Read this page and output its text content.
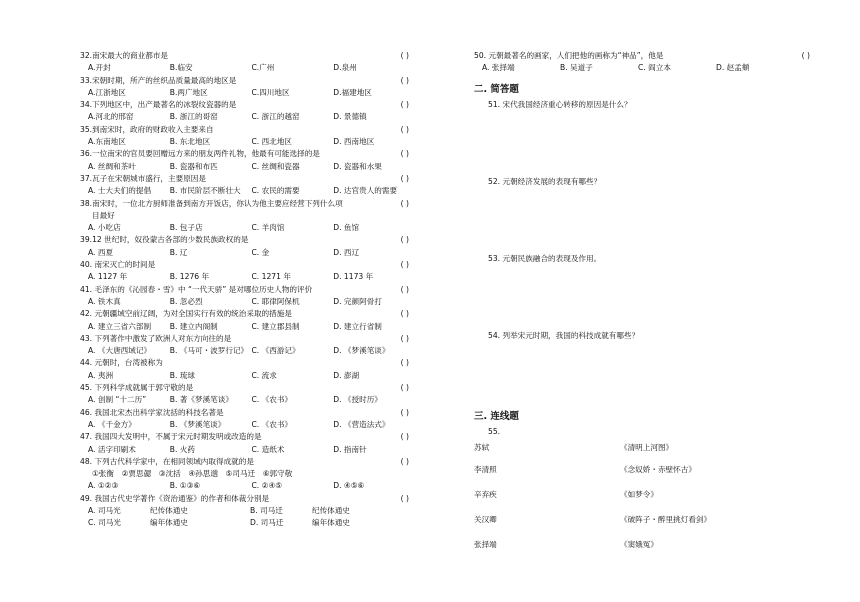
32.南宋最大的商业都市是	( )
A.开封	B.临安	C.广州	D.泉州
33.宋朝时期，所产的丝织品质量最高的地区是	( )
A.江浙地区	B.两广地区	C.四川地区	D.福建地区
34.下列地区中，出产最著名的冰裂纹瓷器的是	( )
A.河北的邢窑	B. 浙江的哥窑	C. 浙江的越窑	D. 景德镇
35.到南宋时，政府的财政收入主要来自	( )
A.东南地区	B. 东北地区	C. 西北地区	D. 西南地区
36.一位南宋的官员要回赠远方来的朋友两件礼物，他最有可能选择的是	( )
A. 丝绸和茶叶	B. 瓷器和布匹	C. 丝绸和瓷器	D. 瓷器和水果
37.瓦子在宋朝城市盛行，主要原因是	( )
A. 士大夫们的提倡	B. 市民阶层不断壮大	C. 农民的需要	D. 达官贵人的需要
38.南宋时，一位北方厨师准备到南方开饭店，你认为他主要应经营下列什么项	( )
目最好
A. 小吃店	B. 包子店	C. 羊肉馆	D. 鱼馆
39.12 世纪时，奴役蒙古各部的少数民族政权的是	( )
A. 西夏	B. 辽	C. 金	D. 西辽
40. 南宋灭亡的时间是	( )
A. 1127 年	B. 1276 年	C. 1271 年	D. 1173 年
41. 毛泽东的《沁园春・雪》中 “一代天骄” 是对哪位历史人物的评价	( )
A. 铁木真	B. 忽必烈	C. 耶律阿保机	D. 完颜阿骨打
42. 元朝疆域空前辽阔，为对全国实行有效的统治采取的措施是	( )
A. 建立三省六部制	B. 建立内阁制	C. 建立郡县制	D. 建立行省制
43. 下列著作中激发了欧洲人对东方向往的是	( )
A. 《大唐西域记》	B. 《马可・波罗行记》 C. 《西游记》	D. 《梦溪笔谈》
44. 元朝时，台湾被称为	( )
A. 夷洲	B. 琉球	C. 流求	D. 澎湖
45. 下列科学成就属于郭守敬的是	( )
A. 创制 “十二历”	B. 著《梦溪笔谈》	C. 《农书》	D. 《授时历》
46. 我国北宋杰出科学家沈括的科技名著是	( )
A. 《千金方》	B. 《梦溪笔谈》	C. 《农书》	D. 《营造法式》
47. 我国四大发明中，不属于宋元时期发明或改造的是	( )
A. 活字印刷术	B. 火药	C. 造纸术	D. 指南针
48. 下列古代科学家中，在相同领域内取得成就的是	( )
①张衡　②贾思勰　③沈括　④孙思邈　⑤司马迁　⑥郭守敬
A. ①②③	B. ①③⑥	C. ②④⑤	D. ④⑤⑥
49. 我国古代史学著作《资治通鉴》的作者和体裁分别是	( )
A. 司马光	纪传体通史	B. 司马迁	纪传体通史
C. 司马光	编年体通史	D. 司马迁	编年体通史
50. 元朝最著名的画家，人们把他的画称为“神品”，他是	( )
A. 张择端	B. 吴道子	C. 阎立本	D. 赵孟頫
二. 简答题
51. 宋代我国经济重心转移的原因是什么？
52. 元朝经济发展的表现有哪些？
53. 元朝民族融合的表现及作用。
54. 列举宋元时期，我国的科技成就有哪些？
三. 连线题
55.
苏轼	《清明上河图》
李清照	《念奴娇・赤壁怀古》
辛弃疾	《如梦令》
关汉卿	《破阵子・醉里挑灯看剑》
张择端	《窦娥冤》
